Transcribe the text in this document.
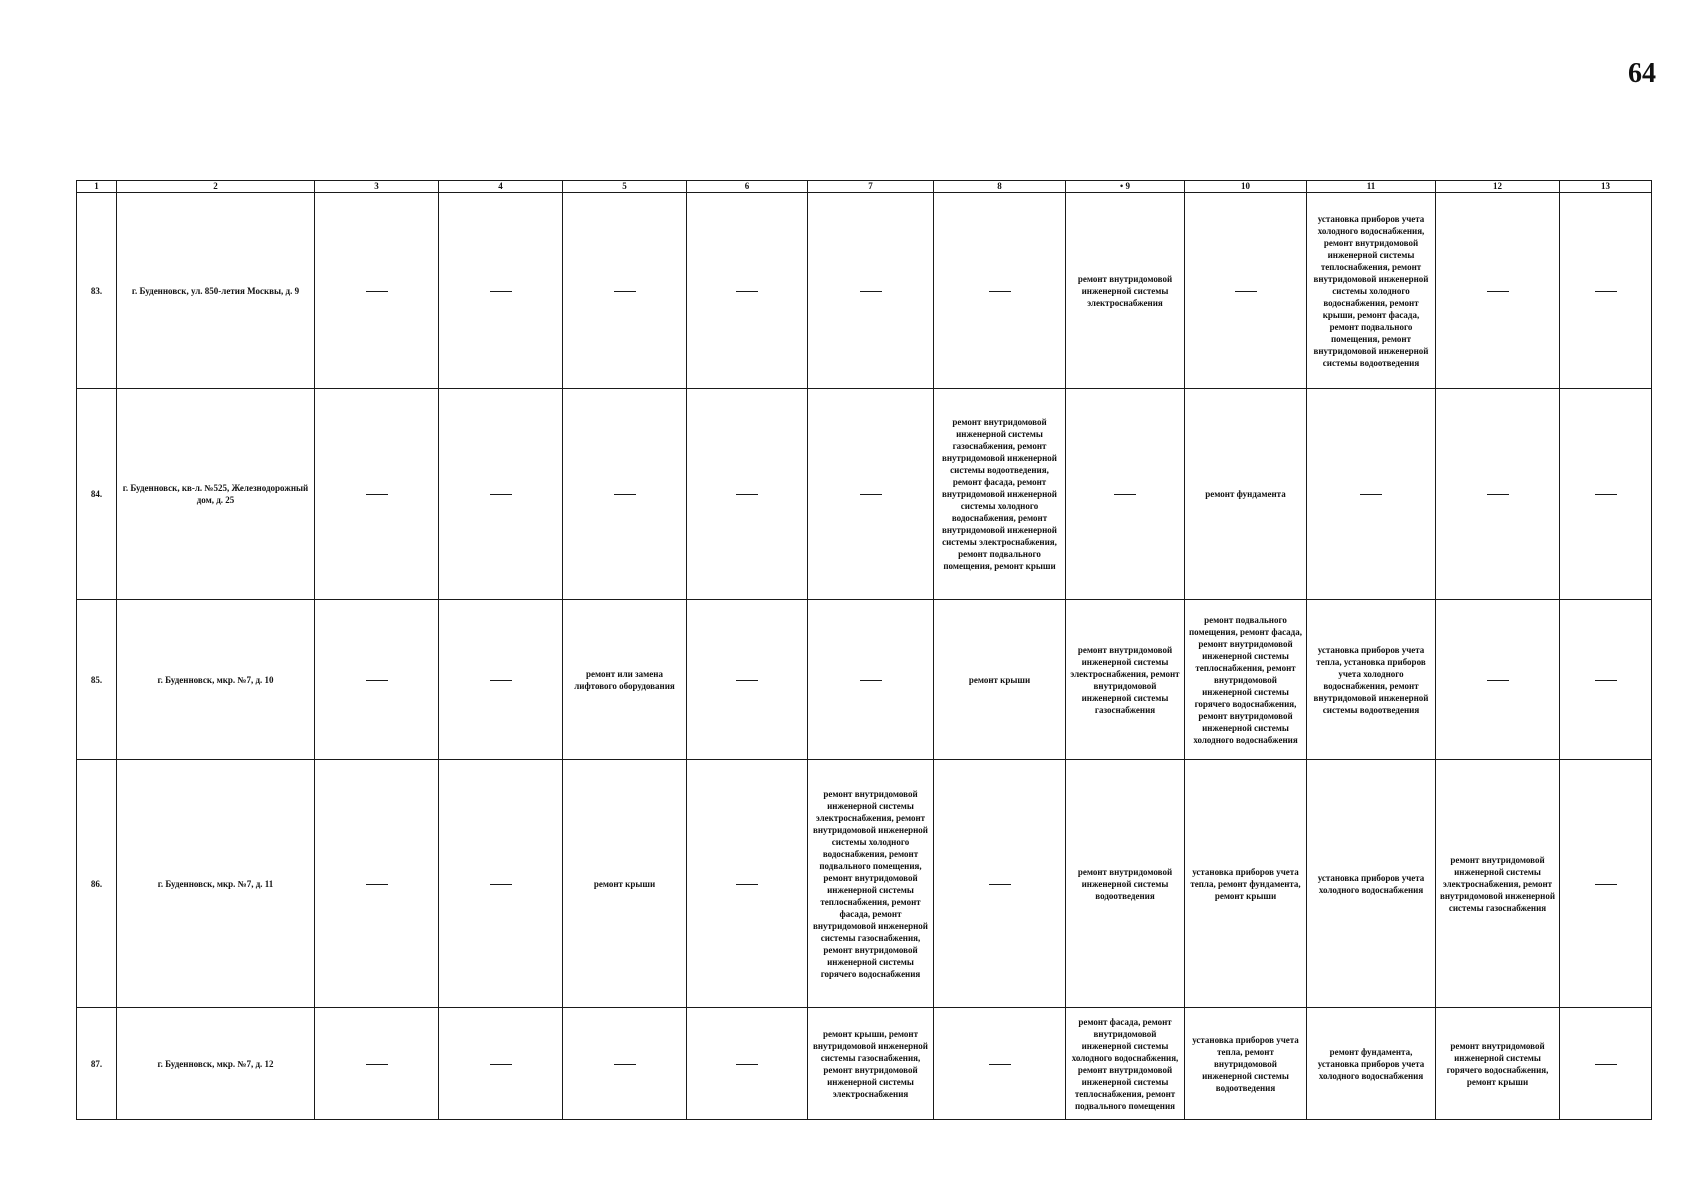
64
1	2	3	4	5	6	7	8	• 9	10	11	12	13
83.	г. Буденновск, ул. 850-летия Москвы, д. 9							ремонт внутридомовой инженерной системы электроснабжения		установка приборов учета холодного водоснабжения, ремонт внутридомовой инженерной системы теплоснабжения, ремонт внутридомовой инженерной системы холодного водоснабжения, ремонт крыши, ремонт фасада, ремонт подвального помещения, ремонт внутридомовой инженерной системы водоотведения		
84.	г. Буденновск, кв-л. №525, Железнодорожный дом, д. 25						ремонт внутридомовой инженерной системы газоснабжения, ремонт внутридомовой инженерной системы водоотведения, ремонт фасада, ремонт внутридомовой инженерной системы холодного водоснабжения, ремонт внутридомовой инженерной системы электроснабжения, ремонт подвального помещения, ремонт крыши		ремонт фундамента			
85.	г. Буденновск, мкр. №7, д. 10			ремонт или замена лифтового оборудования			ремонт крыши	ремонт внутридомовой инженерной системы электроснабжения, ремонт внутридомовой инженерной системы газоснабжения	ремонт подвального помещения, ремонт фасада, ремонт внутридомовой инженерной системы теплоснабжения, ремонт внутридомовой инженерной системы горячего водоснабжения, ремонт внутридомовой инженерной системы холодного водоснабжения	установка приборов учета тепла, установка приборов учета холодного водоснабжения, ремонт внутридомовой инженерной системы водоотведения		
86.	г. Буденновск, мкр. №7, д. 11			ремонт крыши		ремонт внутридомовой инженерной системы электроснабжения, ремонт внутридомовой инженерной системы холодного водоснабжения, ремонт подвального помещения, ремонт внутридомовой инженерной системы теплоснабжения, ремонт фасада, ремонт внутридомовой инженерной системы газоснабжения, ремонт внутридомовой инженерной системы горячего водоснабжения		ремонт внутридомовой инженерной системы водоотведения	установка приборов учета тепла, ремонт фундамента, ремонт крыши	установка приборов учета холодного водоснабжения	ремонт внутридомовой инженерной системы электроснабжения, ремонт внутридомовой инженерной системы газоснабжения	
87.	г. Буденновск, мкр. №7, д. 12					ремонт крыши, ремонт внутридомовой инженерной системы газоснабжения, ремонт внутридомовой инженерной системы электроснабжения		ремонт фасада, ремонт внутридомовой инженерной системы холодного водоснабжения, ремонт внутридомовой инженерной системы теплоснабжения, ремонт подвального помещения	установка приборов учета тепла, ремонт внутридомовой инженерной системы водоотведения	ремонт фундамента, установка приборов учета холодного водоснабжения	ремонт внутридомовой инженерной системы горячего водоснабжения, ремонт крыши	
